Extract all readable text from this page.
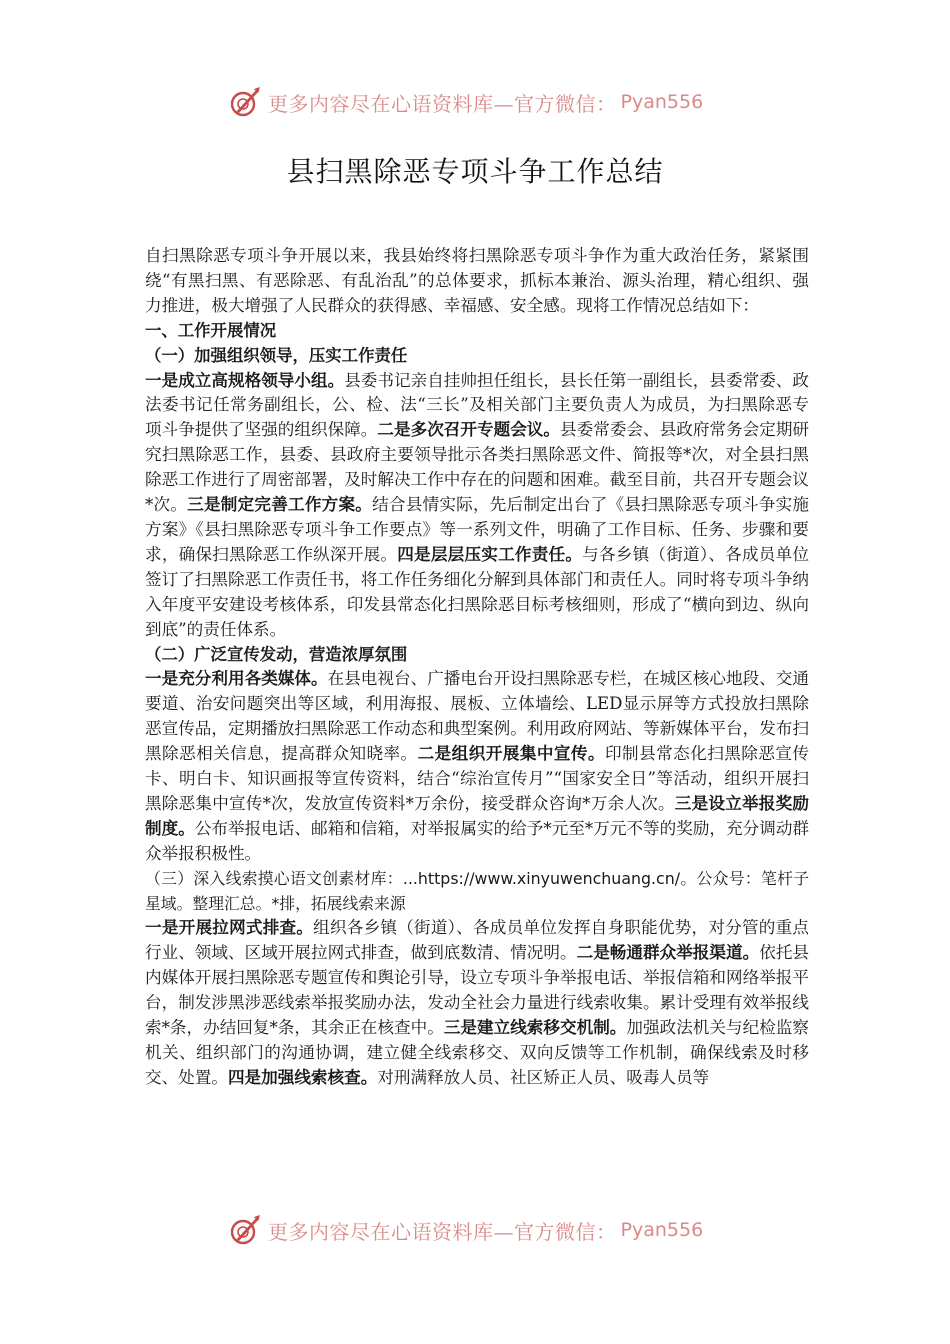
更多内容尽在心语资料库—官方微信： Pyan556
县扫黑除恶专项斗争工作总结

自扫黑除恶专项斗争开展以来，我县始终将扫黑除恶专项斗争作为重大政治任务，紧紧围绕“有黑扫黑、有恶除恶、有乱治乱”的总体要求，抓标本兼治、源头治理，精心组织、强力推进，极大增强了人民群众的获得感、幸福感、安全感。现将工作情况总结如下：

一、工作开展情况

（一）加强组织领导，压实工作责任

一是成立高规格领导小组。县委书记亲自挂帅担任组长，县长任第一副组长，县委常委、政法委书记任常务副组长，公、检、法“三长”及相关部门主要负责人为成员，为扫黑除恶专项斗争提供了坚强的组织保障。二是多次召开专题会议。县委常委会、县政府常务会定期研究扫黑除恶工作，县委、县政府主要领导批示各类扫黑除恶文件、简报等*次，对全县扫黑除恶工作进行了周密部署，及时解决工作中存在的问题和困难。截至目前，共召开专题会议*次。三是制定完善工作方案。结合县情实际，先后制定出台了《县扫黑除恶专项斗争实施方案》《县扫黑除恶专项斗争工作要点》等一系列文件，明确了工作目标、任务、步骤和要求，确保扫黑除恶工作纵深开展。四是层层压实工作责任。与各乡镇（街道）、各成员单位签订了扫黑除恶工作责任书，将工作任务细化分解到具体部门和责任人。同时将专项斗争纳入年度平安建设考核体系，印发县常态化扫黑除恶目标考核细则，形成了“横向到边、纵向到底”的责任体系。

（二）广泛宣传发动，营造浓厚氛围

一是充分利用各类媒体。在县电视台、广播电台开设扫黑除恶专栏，在城区核心地段、交通要道、治安问题突出等区域，利用海报、展板、立体墙绘、LED显示屏等方式投放扫黑除恶宣传品，定期播放扫黑除恶工作动态和典型案例。利用政府网站、等新媒体平台，发布扫黑除恶相关信息，提高群众知晓率。二是组织开展集中宣传。印制县常态化扫黑除恶宣传卡、明白卡、知识画报等宣传资料，结合“综治宣传月”“国家安全日”等活动，组织开展扫黑除恶集中宣传*次，发放宣传资料*万余份，接受群众咨询*万余人次。三是设立举报奖励制度。公布举报电话、邮箱和信箱，对举报属实的给予*元至*万元不等的奖励，充分调动群众举报积极性。

（三）深入线索摸心语文创素材库：...https://www.xinyuwenchuang.cn/。公众号：笔杆子星域。整理汇总。*排，拓展线索来源

一是开展拉网式排查。组织各乡镇（街道）、各成员单位发挥自身职能优势，对分管的重点行业、领域、区域开展拉网式排查，做到底数清、情况明。二是畅通群众举报渠道。依托县内媒体开展扫黑除恶专题宣传和舆论引导，设立专项斗争举报电话、举报信箱和网络举报平台，制发涉黑涉恶线索举报奖励办法，发动全社会力量进行线索收集。累计受理有效举报线索*条，办结回复*条，其余正在核查中。三是建立线索移交机制。加强政法机关与纪检监察机关、组织部门的沟通协调，建立健全线索移交、双向反馈等工作机制，确保线索及时移交、处置。四是加强线索核查。对刑满释放人员、社区矫正人员、吸毒人员等

更多内容尽在心语资料库—官方微信： Pyan556
